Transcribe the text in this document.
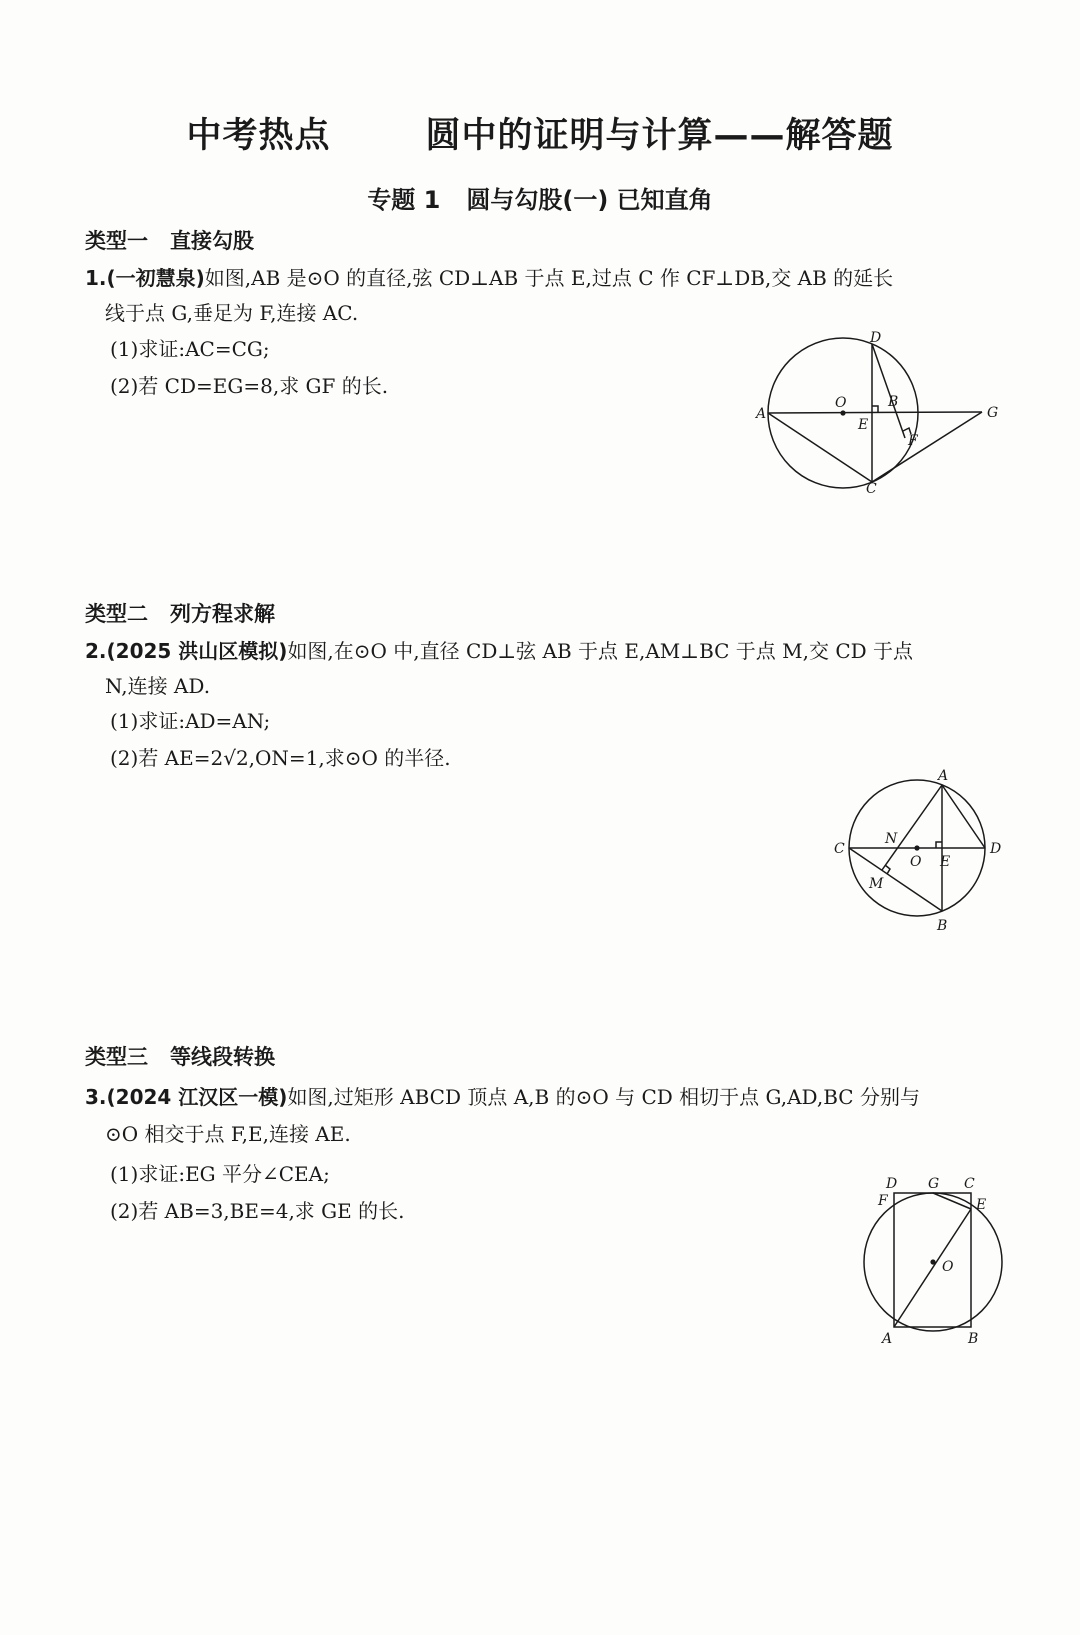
中考热点	圆中的证明与计算——解答题
专题 1 圆与勾股(一) 已知直角
类型一 直接勾股
1.(一初慧泉)如图,AB 是⊙O 的直径,弦 CD⊥AB 于点 E,过点 C 作 CF⊥DB,交 AB 的延长
线于点 G,垂足为 F,连接 AC.
(1)求证:AC=CG;
(2)若 CD=EG=8,求 GF 的长.
A
O
E
B
D
C
F
G
类型二 列方程求解
2.(2025 洪山区模拟)如图,在⊙O 中,直径 CD⊥弦 AB 于点 E,AM⊥BC 于点 M,交 CD 于点
N,连接 AD.
(1)求证:AD=AN;
(2)若 AE=2√2,ON=1,求⊙O 的半径.
A
B
C	D
N
O E
M
类型三 等线段转换
3.(2024 江汉区一模)如图,过矩形 ABCD 顶点 A,B 的⊙O 与 CD 相切于点 G,AD,BC 分别与
⊙O 相交于点 F,E,连接 AE.
(1)求证:EG 平分∠CEA;
(2)若 AB=3,BE=4,求 GE 的长.
D G C
F	E
O
A	B
